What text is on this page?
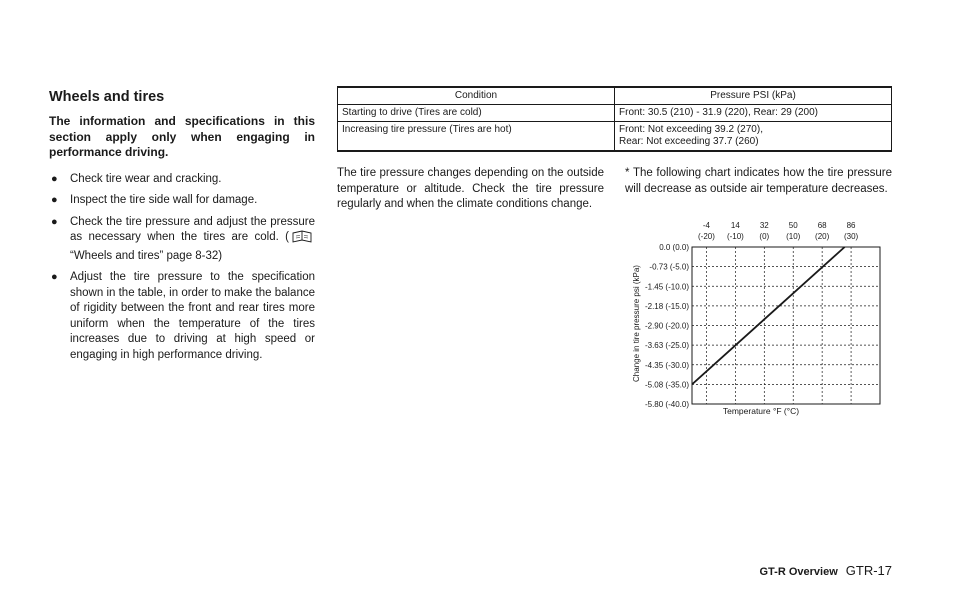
Wheels and tires

The information and specifications in this section apply only when engaging in performance driving.

● Check tire wear and cracking.
● Inspect the tire side wall for damage.
● Check the tire pressure and adjust the pressure as necessary when the tires are cold. ( “Wheels and tires” page 8-32)
● Adjust the tire pressure to the specification shown in the table, in order to make the balance of rigidity between the front and rear tires more uniform when the temperature of the tires increases due to driving at high speed or engaging in high performance driving.
Condition	Pressure PSI (kPa)
Starting to drive (Tires are cold)	Front: 30.5 (210) - 31.9 (220), Rear: 29 (200)
Increasing tire pressure (Tires are hot)	Front: Not exceeding 39.2 (270),
Rear: Not exceeding 37.7 (260)

The tire pressure changes depending on the outside temperature or altitude. Check the tire pressure regularly and when the climate conditions change.

* The following chart indicates how the tire pressure will decrease as outside air temperature decreases.

0.0 (0.0)
-0.73 (-5.0)
-1.45 (-10.0)
-2.18 (-15.0)
-2.90 (-20.0)
-3.63 (-25.0)
-4.35 (-30.0)
-5.08 (-35.0)
-5.80 (-40.0)
-4
(-20)
14
(-10)
32
(0)
50
(10)
68
(20)
86
(30)
Temperature °F (°C)
Change in tire pressure psi (kPa)
GT-R Overview GTR-17
